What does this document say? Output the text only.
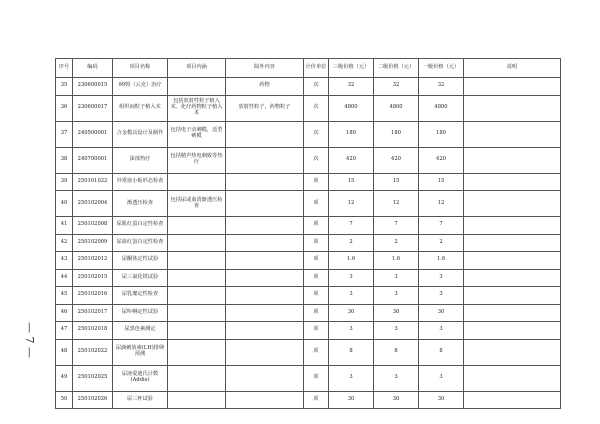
— 7 —
序号	编码	项目名称	项目内涵	除外内容	计价单位	三级价格（元）	二级价格（元）	一级价格（元）	说明
35	230600015	99锝（云克）治疗		药物	次	32	32	32	
36	230600017	组织间粒子植入术	包括放射性粒子植入术、化疗药物粒子植入术	放射性粒子，药物粒子	次	4800	4800	4800	
37	240500001	合金模具设计及制作	包括电子动刺模，适型刺模		次	180	180	180	
38	240700001	深部热疗	包括精声热电刺致等热疗		次	420	420	420	
39	250101022	异常血小板形态检查			项	15	15	15	
40	250102004	渐透压检查	包括尿或血清渐透压检查		项	12	12	12	
41	250102008	尿肌红蛋白定性检查			项	7	7	7	
42	250102009	尿血红蛋白定性检查			项	2	2	2	
43	250102012	尿酮体定性试验			项	1.6	1.6	1.6	
44	250102015	尿三氯化铁试验			项	3	3	3	
45	250102016	尿乳糜定性检查			项	3	3	3	
46	250102017	尿卟啉定性试验			项	30	30	30	
47	250102018	尿黑色素测定			项	3	3	3	
48	250102022	尿滴刺放素(LH)排卵预测			项	8	8	8	
49	250102025	尿液爱迪氏计数(Addis)			项	3	3	3	
50	250102026	尿三杯试验			项	30	30	30	
